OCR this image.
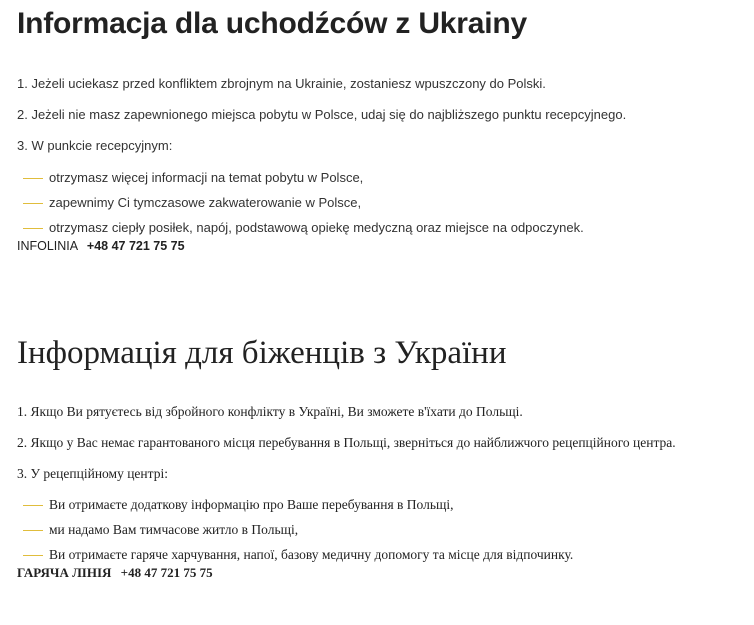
Informacja dla uchodźców z Ukrainy

1. Jeżeli uciekasz przed konfliktem zbrojnym na Ukrainie, zostaniesz wpuszczony do Polski.

2. Jeżeli nie masz zapewnionego miejsca pobytu w Polsce, udaj się do najbliższego punktu recepcyjnego.

3. W punkcie recepcyjnym:

otrzymasz więcej informacji na temat pobytu w Polsce,
zapewnimy Ci tymczasowe zakwaterowanie w Polsce,
otrzymasz ciepły posiłek, napój, podstawową opiekę medyczną oraz miejsce na odpoczynek.

INFOLINIA +48 47 721 75 75

Інформація для біженців з України

1. Якщо Ви рятуєтесь від збройного конфлікту в Україні, Ви зможете в'їхати до Польщі.

2. Якщо у Вас немає гарантованого місця перебування в Польщі, зверніться до найближчого рецепційного центра.

3. У рецепційному центрі:

Ви отримаєте додаткову інформацію про Ваше перебування в Польщі,
ми надамо Вам тимчасове житло в Польщі,
Ви отримаєте гаряче харчування, напої, базову медичну допомогу та місце для відпочинку.

ГАРЯЧА ЛІНІЯ +48 47 721 75 75
